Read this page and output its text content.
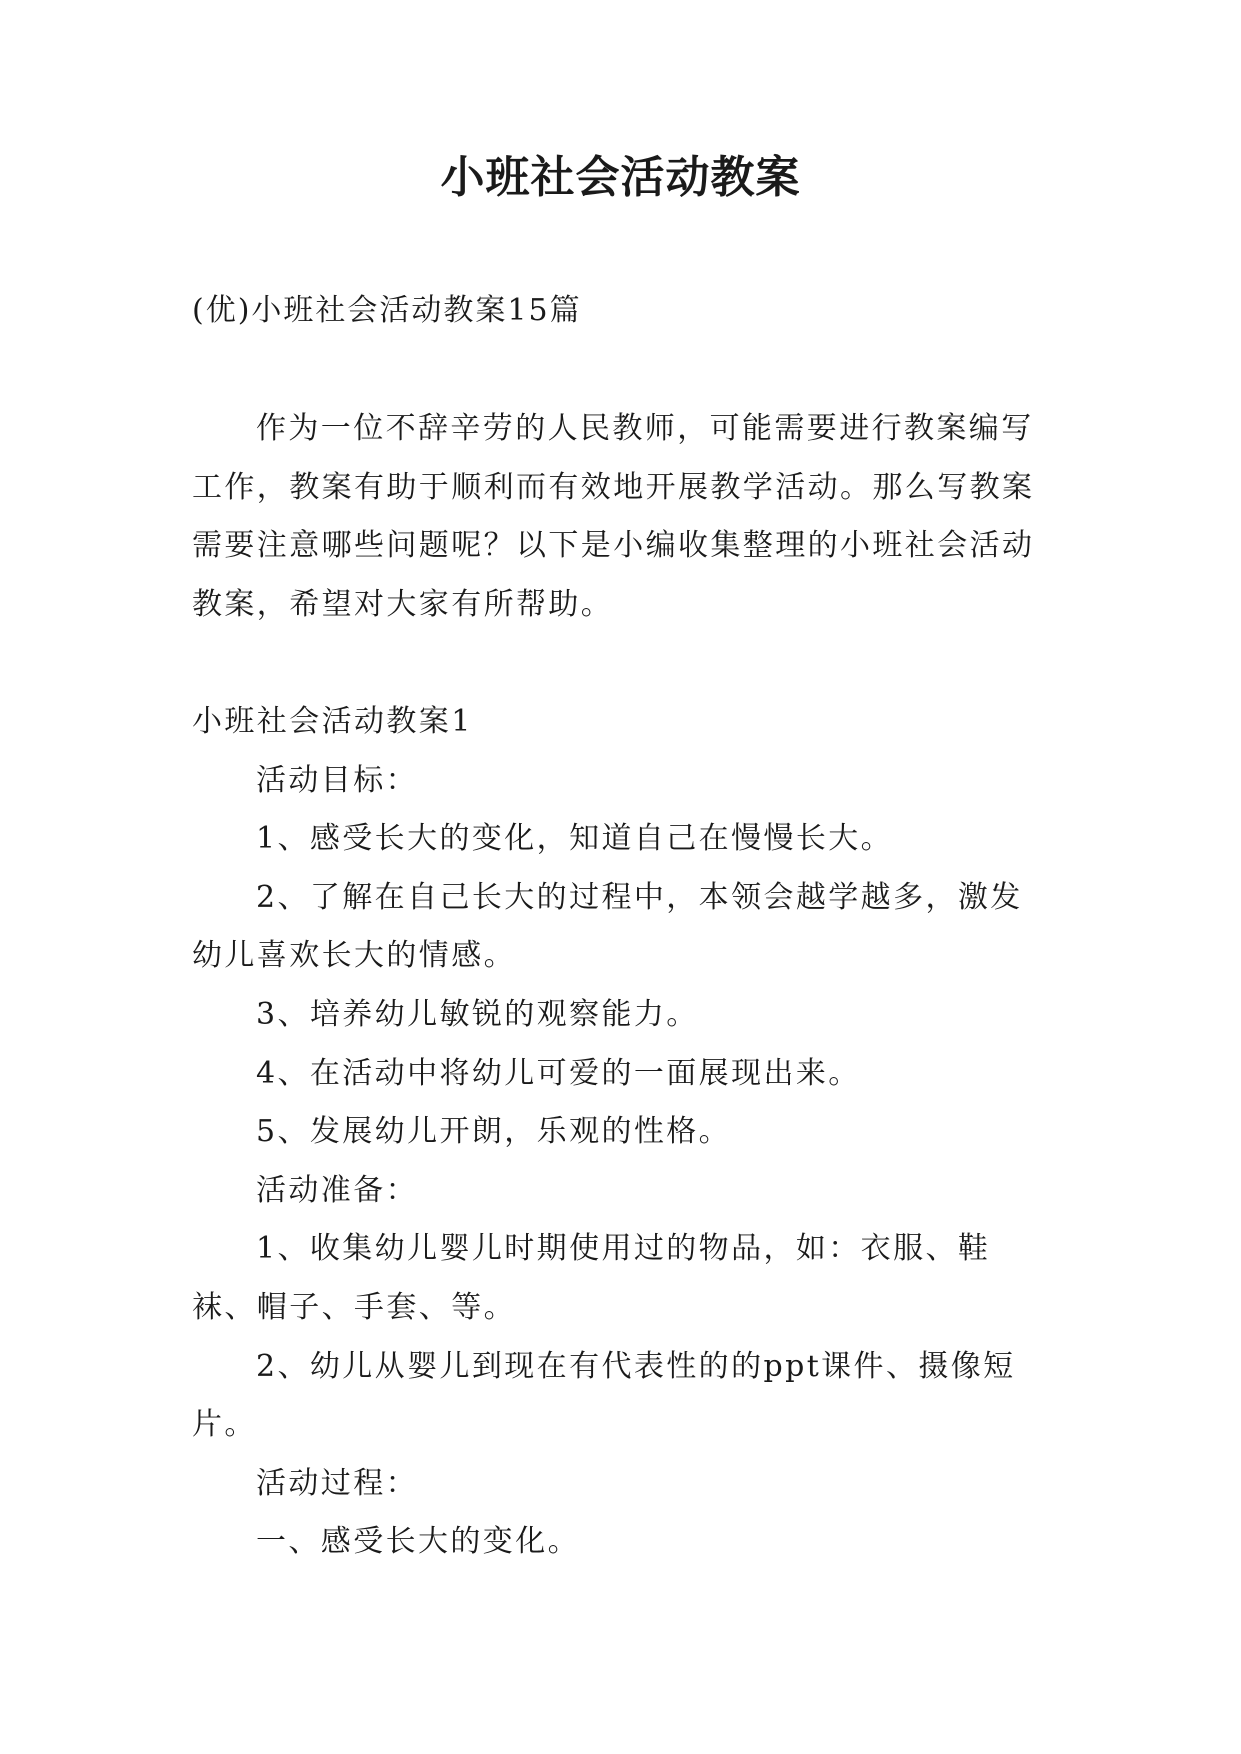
小班社会活动教案

(优)小班社会活动教案15篇

作为一位不辞辛劳的人民教师，可能需要进行教案编写工作，教案有助于顺利而有效地开展教学活动。那么写教案需要注意哪些问题呢？以下是小编收集整理的小班社会活动教案，希望对大家有所帮助。

小班社会活动教案1

活动目标：

1、感受长大的变化，知道自己在慢慢长大。

2、了解在自己长大的过程中，本领会越学越多，激发幼儿喜欢长大的情感。

3、培养幼儿敏锐的观察能力。

4、在活动中将幼儿可爱的一面展现出来。

5、发展幼儿开朗，乐观的性格。

活动准备：

1、收集幼儿婴儿时期使用过的物品，如：衣服、鞋袜、帽子、手套、等。

2、幼儿从婴儿到现在有代表性的的ppt课件、摄像短片。

活动过程：

一、感受长大的变化。
